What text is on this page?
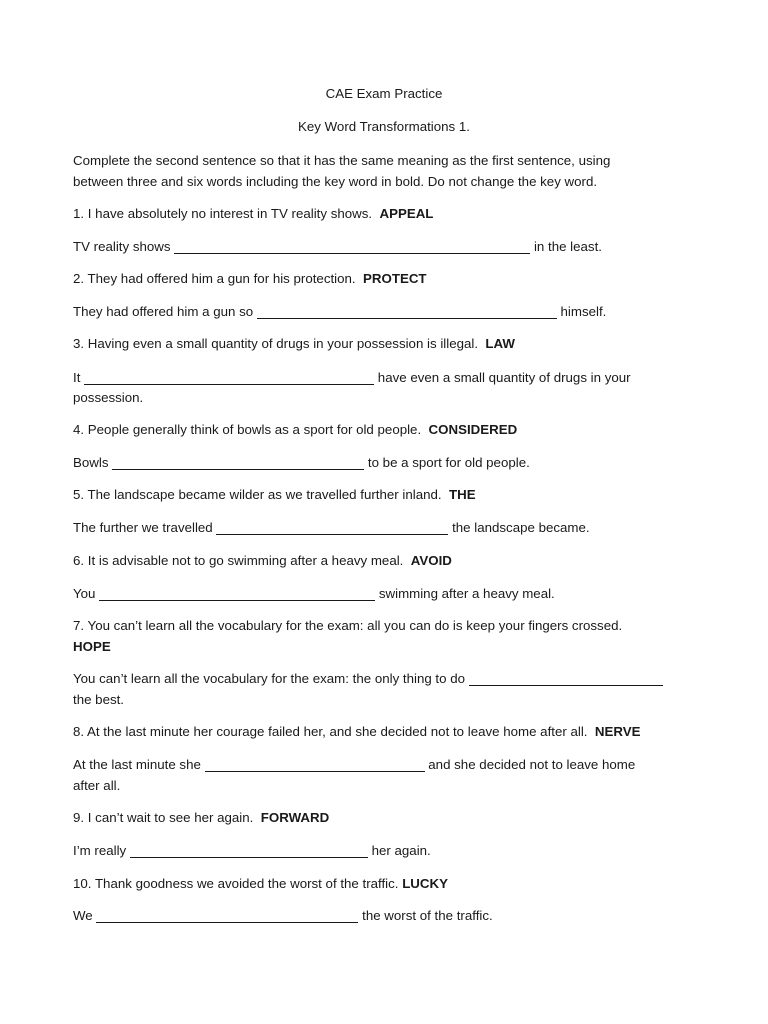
CAE Exam Practice
Key Word Transformations 1.
Complete the second sentence so that it has the same meaning as the first sentence, using
between three and six words including the key word in bold. Do not change the key word.
1. I have absolutely no interest in TV reality shows. APPEAL
TV reality shows	in the least.
2. They had offered him a gun for his protection. PROTECT
They had offered him a gun so	himself.
3. Having even a small quantity of drugs in your possession is illegal. LAW
It	have even a small quantity of drugs in your
possession.
4. People generally think of bowls as a sport for old people. CONSIDERED
Bowls	to be a sport for old people.
5. The landscape became wilder as we travelled further inland. THE
The further we travelled	the landscape became.
6. It is advisable not to go swimming after a heavy meal. AVOID
You	swimming after a heavy meal.
7. You can’t learn all the vocabulary for the exam: all you can do is keep your fingers crossed.
HOPE
You can’t learn all the vocabulary for the exam: the only thing to do
the best.
8. At the last minute her courage failed her, and she decided not to leave home after all. NERVE
At the last minute she	and she decided not to leave home
after all.
9. I can’t wait to see her again. FORWARD
I’m really	her again.
10. Thank goodness we avoided the worst of the traffic. LUCKY
We	the worst of the traffic.
